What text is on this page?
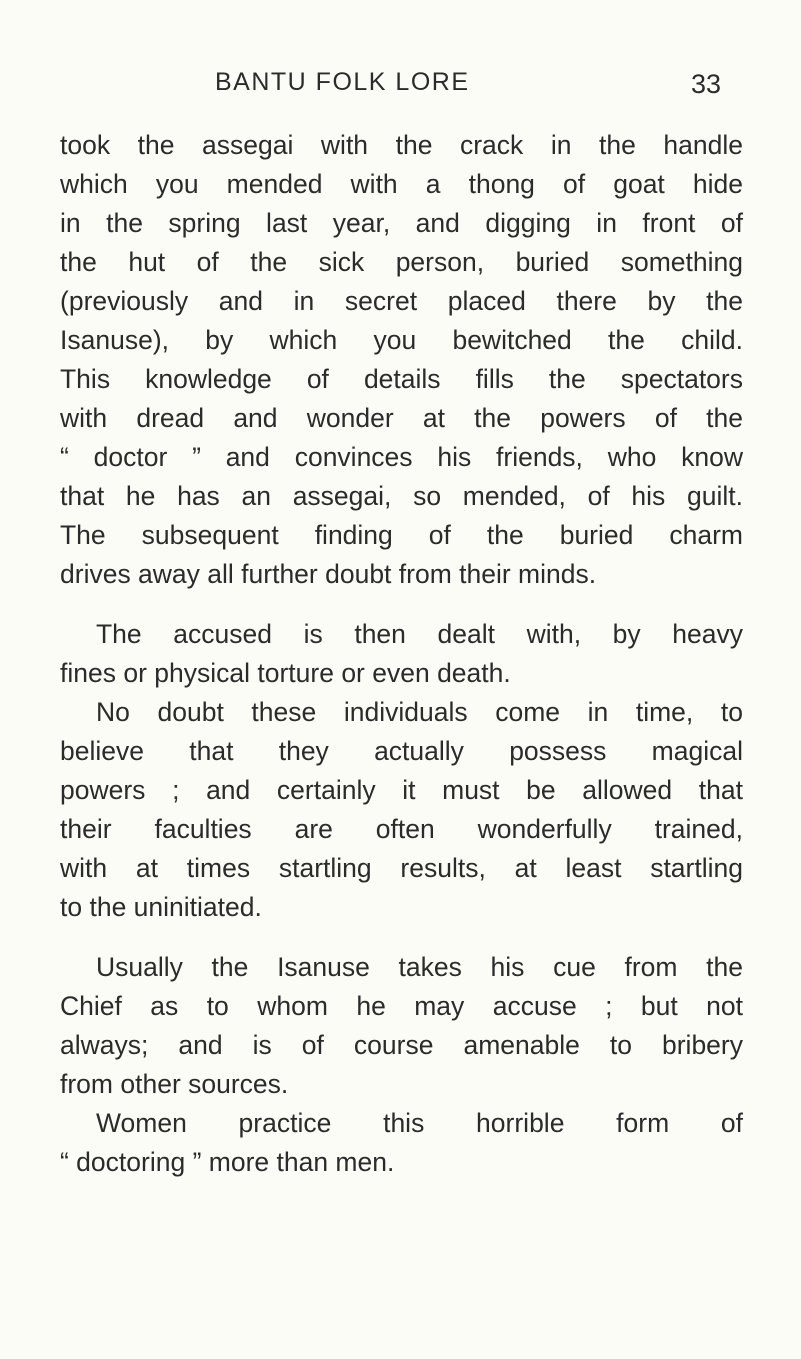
BANTU FOLK LORE	33
took the assegai with the crack in the handle
which you mended with a thong of goat hide
in the spring last year, and digging in front of
the hut of the sick person, buried something
(previously and in secret placed there by the
Isanuse), by which you bewitched the child.
This knowledge of details fills the spectators
with dread and wonder at the powers of the
“ doctor ” and convinces his friends, who know
that he has an assegai, so mended, of his guilt.
The subsequent finding of the buried charm
drives away all further doubt from their minds.
The accused is then dealt with, by heavy
fines or physical torture or even death.
No doubt these individuals come in time, to
believe that they actually possess magical
powers ; and certainly it must be allowed that
their faculties are often wonderfully trained,
with at times startling results, at least startling
to the uninitiated.
Usually the Isanuse takes his cue from the
Chief as to whom he may accuse ; but not
always; and is of course amenable to bribery
from other sources.
Women practice this horrible form of
“ doctoring ” more than men.
